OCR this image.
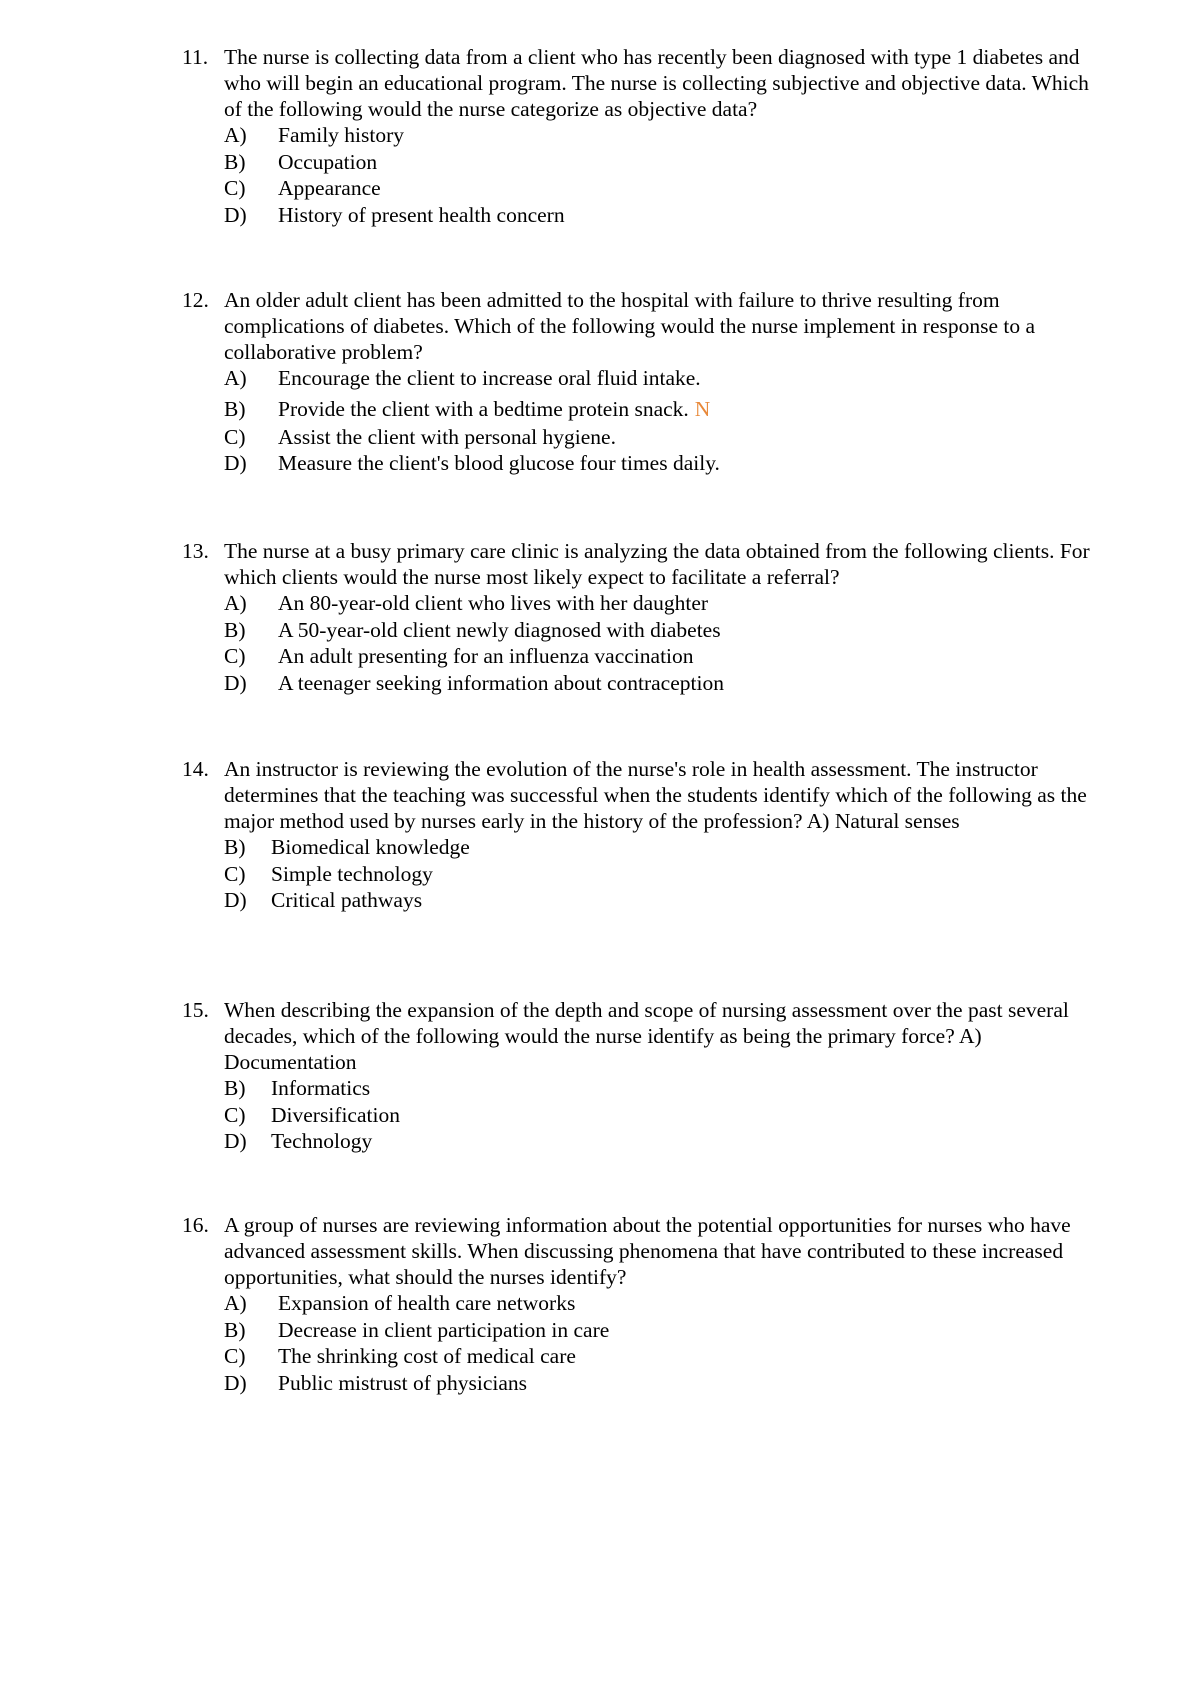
11. The nurse is collecting data from a client who has recently been diagnosed with type 1 diabetes and who will begin an educational program. The nurse is collecting subjective and objective data. Which of the following would the nurse categorize as objective data?
A) Family history
B) Occupation
C) Appearance
D) History of present health concern
12. An older adult client has been admitted to the hospital with failure to thrive resulting from complications of diabetes. Which of the following would the nurse implement in response to a collaborative problem?
A) Encourage the client to increase oral fluid intake.
B) Provide the client with a bedtime protein snack. N
C) Assist the client with personal hygiene.
D) Measure the client's blood glucose four times daily.
13. The nurse at a busy primary care clinic is analyzing the data obtained from the following clients. For which clients would the nurse most likely expect to facilitate a referral?
A) An 80-year-old client who lives with her daughter
B) A 50-year-old client newly diagnosed with diabetes
C) An adult presenting for an influenza vaccination
D) A teenager seeking information about contraception
14. An instructor is reviewing the evolution of the nurse's role in health assessment. The instructor determines that the teaching was successful when the students identify which of the following as the major method used by nurses early in the history of the profession? A) Natural senses
B) Biomedical knowledge
C) Simple technology
D) Critical pathways
15. When describing the expansion of the depth and scope of nursing assessment over the past several decades, which of the following would the nurse identify as being the primary force? A) Documentation
B) Informatics
C) Diversification
D) Technology
16. A group of nurses are reviewing information about the potential opportunities for nurses who have advanced assessment skills. When discussing phenomena that have contributed to these increased opportunities, what should the nurses identify?
A) Expansion of health care networks
B) Decrease in client participation in care
C) The shrinking cost of medical care
D) Public mistrust of physicians
